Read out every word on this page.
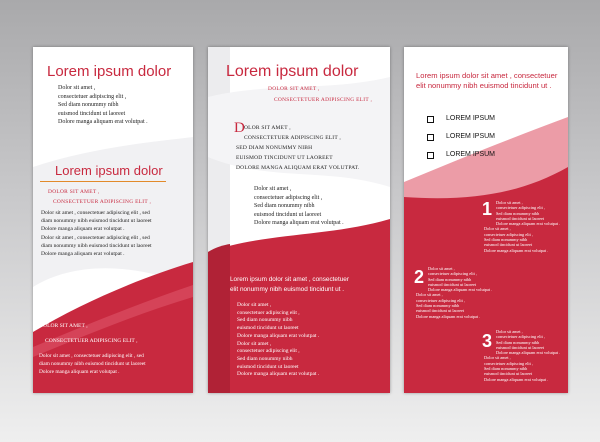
Lorem ipsum dolor
Dolor sit amet ,
consectetuer adipiscing elit ,
Sed diam nonummy nibh
euismod tincidunt ut laoreet
Dolore manga aliquam erat volutpat .
Lorem ipsum dolor
DOLOR SIT AMET ,
CONSECTETUER ADIPISCING ELIT ,
Dolor sit amet , consectetuer adipiscing elit , sed
diam nonummy nibh euismod tincidunt ut laoreet
Dolore manga aliquam erat volutpat .
Dolor sit amet , consectetuer adipiscing elit , sed
diam nonummy nibh euismod tincidunt ut laoreet
Dolore manga aliquam erat volutpat .
DOLOR SIT AMET ,
CONSECTETUER ADIPISCING ELIT ,
Dolor sit amet , consectetuer adipiscing elit , sed
diam nonummy nibh euismod tincidunt ut laoreet
Dolore manga aliquam erat volutpat .
Lorem ipsum dolor
DOLOR SIT AMET ,
CONSECTETUER ADIPISCING ELIT ,
D OLOR SIT AMET ,
CONSECTETUER ADIPISCING ELIT ,
SED DIAM NONUMMY NIBH
EUISMOD TINCIDUNT UT LAOREET
DOLORE MANGA ALIQUAM ERAT VOLUTPAT.
Dolor sit amet ,
consectetuer adipiscing elit ,
Sed diam nonummy nibh
euismod tincidunt ut laoreet
Dolore manga aliquam erat volutpat .
Lorem ipsum dolor sit amet , consectetuer
elit nonummy nibh euismod tincidunt ut .
Dolor sit amet ,
consectetuer adipiscing elit ,
Sed diam nonummy nibh
euismod tincidunt ut laoreet
Dolore manga aliquam erat volutpat .
Dolor sit amet ,
consectetuer adipiscing elit ,
Sed diam nonummy nibh
euismod tincidunt ut laoreet
Dolore manga aliquam erat volutpat .
Lorem ipsum dolor sit amet , consectetuer
elit nonummy nibh euismod tincidunt ut .
LOREM IPSUM
LOREM IPSUM
LOREM IPSUM
1 Dolor sit amet ,
consectetuer adipiscing elit ,
Sed diam nonummy nibh
euismod tincidunt ut laoreet
Dolore manga aliquam erat volutpat .
Dolor sit amet ,
consectetuer adipiscing elit ,
Sed diam nonummy nibh
euismod tincidunt ut laoreet
Dolore manga aliquam erat volutpat .
2 Dolor sit amet ,
consectetuer adipiscing elit ,
Sed diam nonummy nibh
euismod tincidunt ut laoreet
Dolore manga aliquam erat volutpat .
Dolor sit amet ,
consectetuer adipiscing elit ,
Sed diam nonummy nibh
euismod tincidunt ut laoreet
Dolore manga aliquam erat volutpat .
3 Dolor sit amet ,
consectetuer adipiscing elit ,
Sed diam nonummy nibh
euismod tincidunt ut laoreet
Dolore manga aliquam erat volutpat .
Dolor sit amet ,
consectetuer adipiscing elit ,
Sed diam nonummy nibh
euismod tincidunt ut laoreet
Dolore manga aliquam erat volutpat .
